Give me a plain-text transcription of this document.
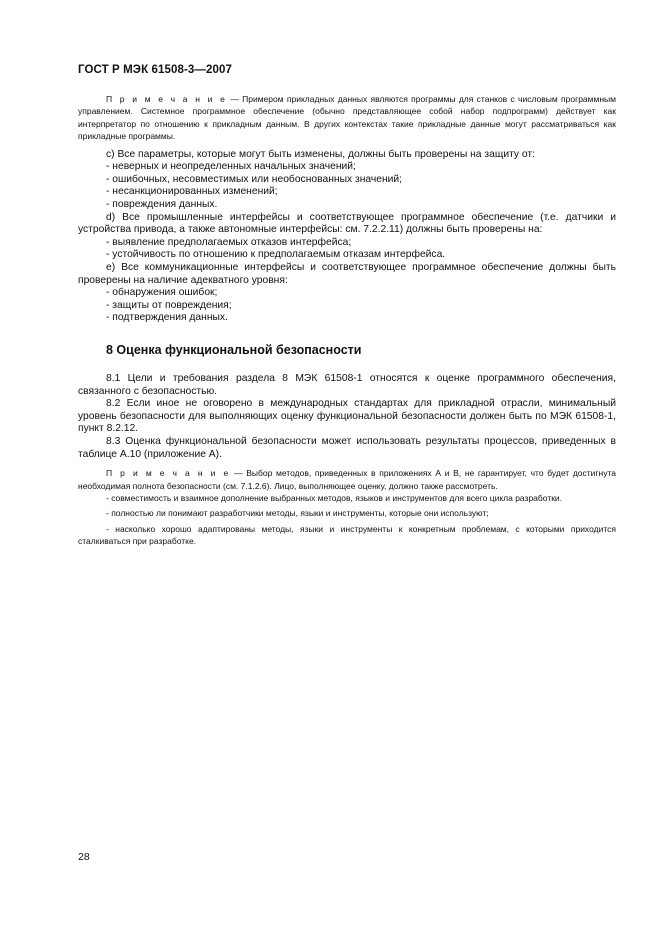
ГОСТ Р МЭК 61508-3—2007

П р и м е ч а н и е — Примером прикладных данных являются программы для станков с числовым программным управлением. Системное программное обеспечение (обычно представляющее собой набор подпрограмм) действует как интерпретатор по отношению к прикладным данным. В других контекстах такие прикладные данные могут рассматриваться как прикладные программы.

с) Все параметры, которые могут быть изменены, должны быть проверены на защиту от:

- неверных и неопределенных начальных значений;

- ошибочных, несовместимых или необоснованных значений;

- несанкционированных изменений;

- повреждения данных.

d) Все промышленные интерфейсы и соответствующее программное обеспечение (т.е. датчики и устройства привода, а также автономные интерфейсы: см. 7.2.2.11) должны быть проверены на:

- выявление предполагаемых отказов интерфейса;

- устойчивость по отношению к предполагаемым отказам интерфейса.

е) Все коммуникационные интерфейсы и соответствующее программное обеспечение должны быть проверены на наличие адекватного уровня:

- обнаружения ошибок;

- защиты от повреждения;

- подтверждения данных.

8 Оценка функциональной безопасности

8.1 Цели и требования раздела 8 МЭК 61508-1 относятся к оценке программного обеспечения, связанного с безопасностью.

8.2 Если иное не оговорено в международных стандартах для прикладной отрасли, минимальный уровень безопасности для выполняющих оценку функциональной безопасности должен быть по МЭК 61508-1, пункт 8.2.12.

8.3 Оценка функциональной безопасности может использовать результаты процессов, приведенных в таблице А.10 (приложение А).

П р и м е ч а н и е — Выбор методов, приведенных в приложениях А и В, не гарантирует, что будет достигнута необходимая полнота безопасности (см. 7.1.2.6). Лицо, выполняющее оценку, должно также рассмотреть.

- совместимость и взаимное дополнение выбранных методов, языков и инструментов для всего цикла разработки.

- полностью ли понимают разработчики методы, языки и инструменты, которые они используют;

- насколько хорошо адаптированы методы, языки и инструменты к конкретным проблемам, с которыми приходится сталкиваться при разработке.

28
